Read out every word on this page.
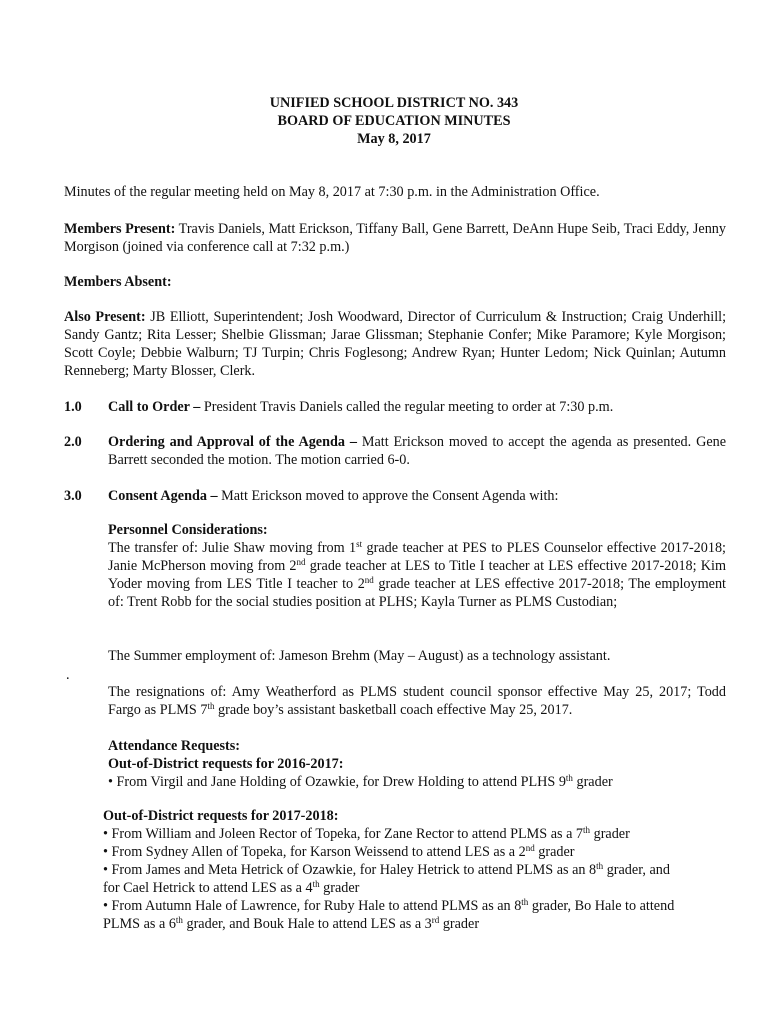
UNIFIED SCHOOL DISTRICT NO. 343
BOARD OF EDUCATION MINUTES
May 8, 2017
Minutes of the regular meeting held on May 8, 2017 at 7:30 p.m. in the Administration Office.
Members Present: Travis Daniels, Matt Erickson, Tiffany Ball, Gene Barrett, DeAnn Hupe Seib, Traci Eddy, Jenny Morgison (joined via conference call at 7:32 p.m.)
Members Absent:
Also Present: JB Elliott, Superintendent; Josh Woodward, Director of Curriculum & Instruction; Craig Underhill; Sandy Gantz; Rita Lesser; Shelbie Glissman; Jarae Glissman; Stephanie Confer; Mike Paramore; Kyle Morgison; Scott Coyle; Debbie Walburn; TJ Turpin; Chris Foglesong; Andrew Ryan; Hunter Ledom; Nick Quinlan; Autumn Renneberg; Marty Blosser, Clerk.
1.0 Call to Order – President Travis Daniels called the regular meeting to order at 7:30 p.m.
2.0 Ordering and Approval of the Agenda – Matt Erickson moved to accept the agenda as presented. Gene Barrett seconded the motion. The motion carried 6-0.
3.0 Consent Agenda – Matt Erickson moved to approve the Consent Agenda with:
Personnel Considerations:
The transfer of: Julie Shaw moving from 1st grade teacher at PES to PLES Counselor effective 2017-2018; Janie McPherson moving from 2nd grade teacher at LES to Title I teacher at LES effective 2017-2018; Kim Yoder moving from LES Title I teacher to 2nd grade teacher at LES effective 2017-2018; The employment of: Trent Robb for the social studies position at PLHS; Kayla Turner as PLMS Custodian;
The Summer employment of: Jameson Brehm (May – August) as a technology assistant.
.
The resignations of: Amy Weatherford as PLMS student council sponsor effective May 25, 2017; Todd Fargo as PLMS 7th grade boy’s assistant basketball coach effective May 25, 2017.
Attendance Requests:
Out-of-District requests for 2016-2017:
• From Virgil and Jane Holding of Ozawkie, for Drew Holding to attend PLHS 9th grader
Out-of-District requests for 2017-2018:
• From William and Joleen Rector of Topeka, for Zane Rector to attend PLMS as a 7th grader
• From Sydney Allen of Topeka, for Karson Weissend to attend LES as a 2nd grader
• From James and Meta Hetrick of Ozawkie, for Haley Hetrick to attend PLMS as an 8th grader, and
for Cael Hetrick to attend LES as a 4th grader
• From Autumn Hale of Lawrence, for Ruby Hale to attend PLMS as an 8th grader, Bo Hale to attend
PLMS as a 6th grader, and Bouk Hale to attend LES as a 3rd grader
